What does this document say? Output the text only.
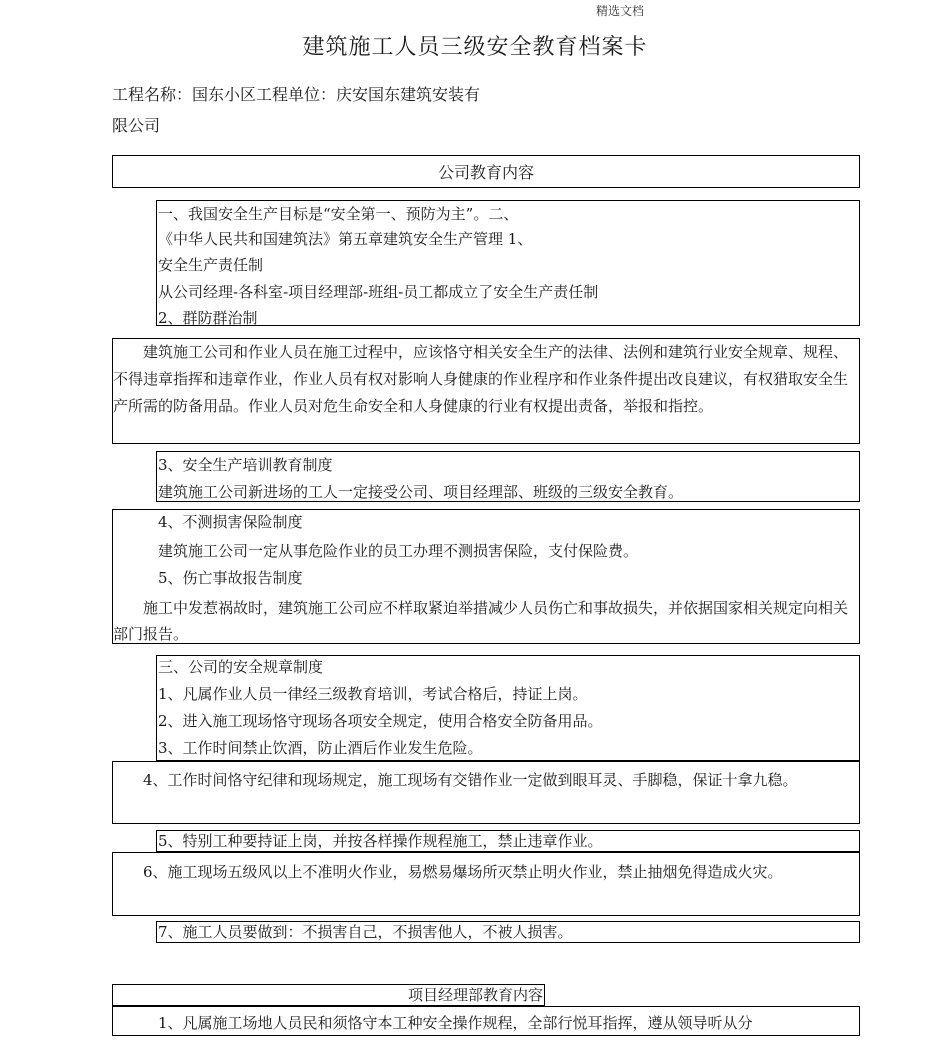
精选文档
建筑施工人员三级安全教育档案卡
工程名称：国东小区工程单位：庆安国东建筑安装有
限公司
公司教育内容
一、我国安全生产目标是“安全第一、预防为主”。二、
《中华人民共和国建筑法》第五章建筑安全生产管理 1、
安全生产责任制
从公司经理-各科室-项目经理部-班组-员工都成立了安全生产责任制
2、群防群治制
建筑施工公司和作业人员在施工过程中，应该恪守相关安全生产的法律、法例和建筑行业安全规章、规程、不得违章指挥和违章作业，作业人员有权对影响人身健康的作业程序和作业条件提出改良建议，有权猎取安全生产所需的防备用品。作业人员对危生命安全和人身健康的行业有权提出责备，举报和指控。
3、安全生产培训教育制度
建筑施工公司新进场的工人一定接受公司、项目经理部、班级的三级安全教育。
4、不测损害保险制度
建筑施工公司一定从事危险作业的员工办理不测损害保险，支付保险费。
5、伤亡事故报告制度
施工中发惹祸故时，建筑施工公司应不样取紧迫举措减少人员伤亡和事故损失，并依据国家相关规定向相关部门报告。
三、公司的安全规章制度
1、凡属作业人员一律经三级教育培训，考试合格后，持证上岗。
2、进入施工现场恪守现场各项安全规定，使用合格安全防备用品。
3、工作时间禁止饮酒，防止酒后作业发生危险。
4、工作时间恪守纪律和现场规定，施工现场有交错作业一定做到眼耳灵、手脚稳，保证十拿九稳。
5、特别工种要持证上岗，并按各样操作规程施工，禁止违章作业。
6、施工现场五级风以上不准明火作业，易燃易爆场所灭禁止明火作业，禁止抽烟免得造成火灾。
7、施工人员要做到：不损害自己，不损害他人，不被人损害。
项目经理部教育内容
1、凡属施工场地人员民和须恪守本工种安全操作规程，全部行悦耳指挥，遵从领导听从分
